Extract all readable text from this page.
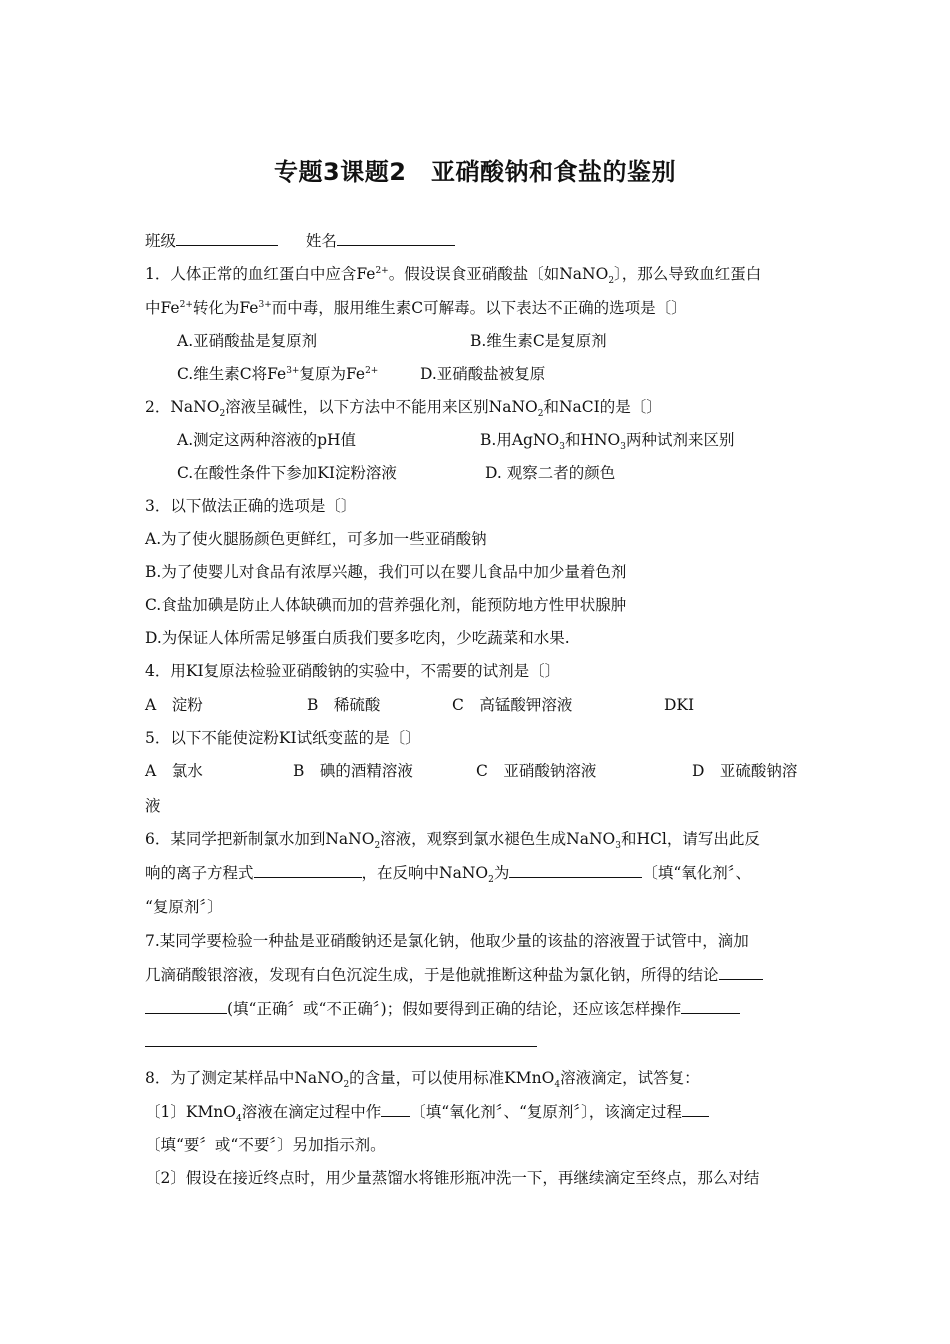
专题3课题2　亚硝酸钠和食盐的鉴别
班级	姓名
1．人体正常的血红蛋白中应含$Fe^{2+}$。假设误食亚硝酸盐〔如NaNO$_2$〕，那么导致血红蛋白
中$Fe^{2+}$转化为$Fe^{3+}$而中毒，服用维生素C可解毒。以下表达不正确的选项是〔〕
A.亚硝酸盐是复原剂	B.维生素C是复原剂
C.维生素C将$Fe^{3+}$复原为$Fe^{2+}$	D.亚硝酸盐被复原
2．NaNO$_2$溶液呈碱性，以下方法中不能用来区别NaNO$_2$和NaCI的是〔〕
A.测定这两种溶液的pH值	B.用AgNO$_3$和$HNO_3$两种试剂来区别
C.在酸性条件下参加KI淀粉溶液	D. 观察二者的颜色
3．以下做法正确的选项是〔〕
A.为了使火腿肠颜色更鲜红，可多加一些亚硝酸钠
B.为了使婴儿对食品有浓厚兴趣，我们可以在婴儿食品中加少量着色剂
C.食盐加碘是防止人体缺碘而加的营养强化剂，能预防地方性甲状腺肿
D.为保证人体所需足够蛋白质我们要多吃肉，少吃蔬菜和水果.
4．用KI复原法检验亚硝酸钠的实验中，不需要的试剂是〔〕
A　淀粉	B　稀硫酸	C　高锰酸钾溶液	DKI
5．以下不能使淀粉KI试纸变蓝的是〔〕
A　氯水	B　碘的酒精溶液	C　亚硝酸钠溶液	D　亚硫酸钠溶
液
6．某同学把新制氯水加到NaNO$_2$溶液，观察到氯水褪色生成NaNO$_3$和HCl，请写出此反
响的离子方程式	，在反响中NaNO$_2$为	〔填“氧化剂〞、
“复原剂〞〕
7.某同学要检验一种盐是亚硝酸钠还是氯化钠，他取少量的该盐的溶液置于试管中，滴加
几滴硝酸银溶液，发现有白色沉淀生成，于是他就推断这种盐为氯化钠，所得的结论
(填“正确〞或“不正确〞)；假如要得到正确的结论，还应该怎样操作
8．为了测定某样品中NaNO$_2$的含量，可以使用标准KMnO$_4$溶液滴定，试答复：
〔1〕KMnO$_4$溶液在滴定过程中作 〔填“氧化剂〞、“复原剂〞〕，该滴定过程
〔填“要〞或“不要〞〕另加指示剂。
〔2〕假设在接近终点时，用少量蒸馏水将锥形瓶冲洗一下，再继续滴定至终点，那么对结
